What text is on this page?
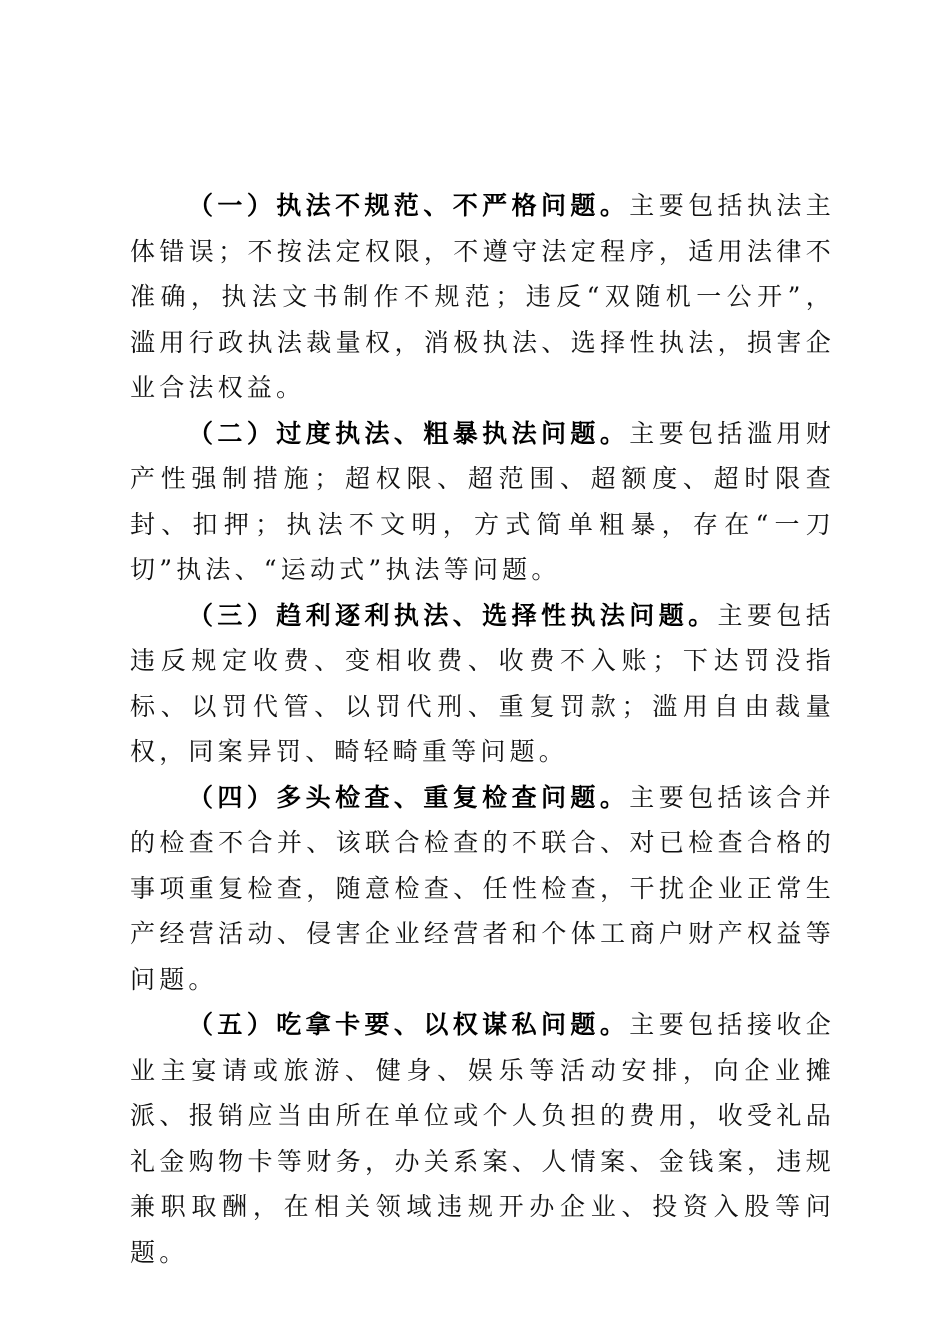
（一）执法不规范、不严格问题。主要包括执法主体错误；不按法定权限，不遵守法定程序，适用法律不准确，执法文书制作不规范；违反“双随机一公开”，滥用行政执法裁量权，消极执法、选择性执法，损害企业合法权益。

（二）过度执法、粗暴执法问题。主要包括滥用财产性强制措施；超权限、超范围、超额度、超时限查封、扣押；执法不文明，方式简单粗暴，存在“一刀切”执法、“运动式”执法等问题。

（三）趋利逐利执法、选择性执法问题。主要包括违反规定收费、变相收费、收费不入账；下达罚没指标、以罚代管、以罚代刑、重复罚款；滥用自由裁量权，同案异罚、畸轻畸重等问题。

（四）多头检查、重复检查问题。主要包括该合并的检查不合并、该联合检查的不联合、对已检查合格的事项重复检查，随意检查、任性检查，干扰企业正常生产经营活动、侵害企业经营者和个体工商户财产权益等问题。

（五）吃拿卡要、以权谋私问题。主要包括接收企业主宴请或旅游、健身、娱乐等活动安排，向企业摊派、报销应当由所在单位或个人负担的费用，收受礼品礼金购物卡等财务，办关系案、人情案、金钱案，违规兼职取酬，在相关领域违规开办企业、投资入股等问题。
